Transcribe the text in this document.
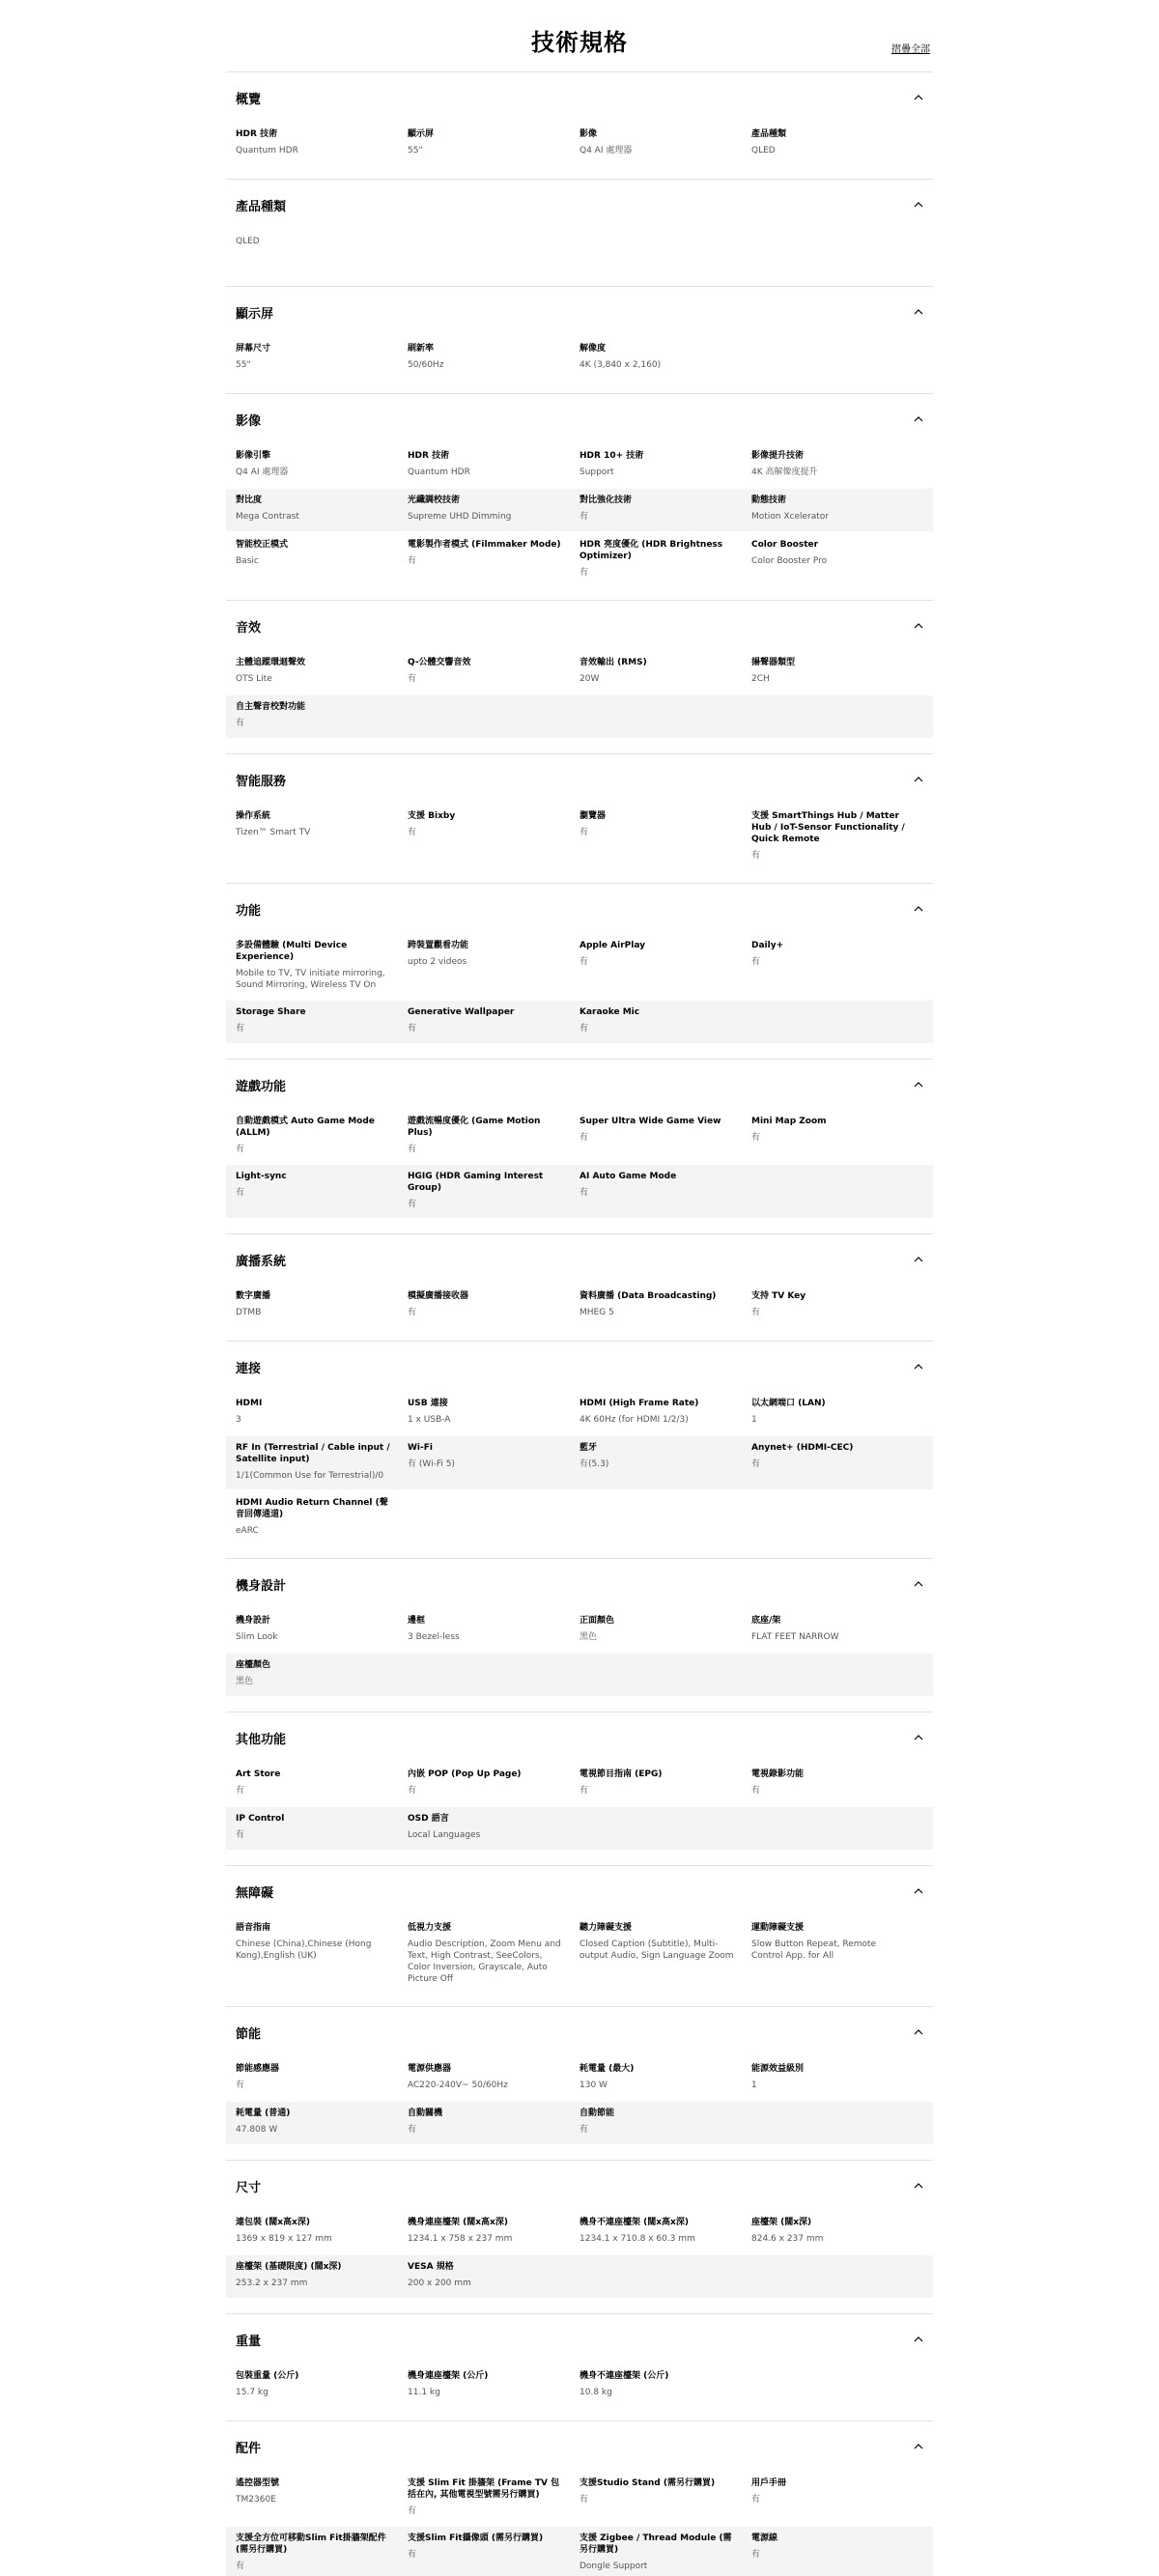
技術規格	摺疊全部
概覽
HDR 技術
Quantum HDR
顯示屏
55"
影像
Q4 AI 處理器
產品種類
QLED
產品種類
QLED
顯示屏
屏幕尺寸
55"
刷新率
50/60Hz
解像度
4K (3,840 x 2,160)
影像
影像引擎
Q4 AI 處理器
HDR 技術
Quantum HDR
HDR 10+ 技術
Support
影像提升技術
4K 高解像度提升
對比度
Mega Contrast
光纖調校技術
Supreme UHD Dimming
對比強化技術
有
動態技術
Motion Xcelerator
智能校正模式
Basic
電影製作者模式 (Filmmaker Mode)
有
HDR 亮度優化 (HDR Brightness Optimizer)
有
Color Booster
Color Booster Pro
音效
主體追蹤環迴聲效
OTS Lite
Q-公體交響音效
有
音效輸出 (RMS)
20W
揚聲器類型
2CH
自主聲音校對功能
有
智能服務
操作系統
Tizen™ Smart TV
支援 Bixby
有
瀏覽器
有
支援 SmartThings Hub / Matter Hub / IoT-Sensor Functionality / Quick Remote
有
功能
多設備體驗 (Multi Device Experience)
Mobile to TV, TV initiate mirroring, Sound Mirroring, Wireless TV On
跨裝置觀看功能
upto 2 videos
Apple AirPlay
有
Daily+
有
Storage Share
有
Generative Wallpaper
有
Karaoke Mic
有
遊戲功能
自動遊戲模式 Auto Game Mode (ALLM)
有
遊戲流暢度優化 (Game Motion Plus)
有
Super Ultra Wide Game View
有
Mini Map Zoom
有
Light-sync
有
HGIG (HDR Gaming Interest Group)
有
AI Auto Game Mode
有
廣播系統
數字廣播
DTMB
模擬廣播接收器
有
資料廣播 (Data Broadcasting)
MHEG 5
支持 TV Key
有
連接
HDMI
3
USB 連接
1 x USB-A
HDMI (High Frame Rate)
4K 60Hz (for HDMI 1/2/3)
以太網端口 (LAN)
1
RF In (Terrestrial / Cable input / Satellite input)
1/1(Common Use for Terrestrial)/0
Wi-Fi
有 (Wi-Fi 5)
藍牙
有(5.3)
Anynet+ (HDMI-CEC)
有
HDMI Audio Return Channel (聲音回傳通道)
eARC
機身設計
機身設計
Slim Look
邊框
3 Bezel-less
正面顏色
黑色
底座/架
FLAT FEET NARROW
座檯顏色
黑色
其他功能
Art Store
有
內嵌 POP (Pop Up Page)
有
電視節目指南 (EPG)
有
電視錄影功能
有
IP Control
有
OSD 語言
Local Languages
無障礙
語音指南
Chinese (China),Chinese (Hong Kong),English (UK)
低視力支援
Audio Description, Zoom Menu and Text, High Contrast, SeeColors, Color Inversion, Grayscale, Auto Picture Off
聽力障礙支援
Closed Caption (Subtitle), Multi-output Audio, Sign Language Zoom
運動障礙支援
Slow Button Repeat, Remote Control App. for All
節能
節能感應器
有
電源供應器
AC220-240V~ 50/60Hz
耗電量 (最大)
130 W
能源效益級別
1
耗電量 (普通)
47.808 W
自動關機
有
自動節能
有
尺寸
連包裝 (闊x高x深)
1369 x 819 x 127 mm
機身連座檯架 (闊x高x深)
1234.1 x 758 x 237 mm
機身不連座檯架 (闊x高x深)
1234.1 x 710.8 x 60.3 mm
座檯架 (闊x深)
824.6 x 237 mm
座檯架 (基礎限度) (闊x深)
253.2 x 237 mm
VESA 規格
200 x 200 mm
重量
包裝重量 (公斤)
15.7 kg
機身連座檯架 (公斤)
11.1 kg
機身不連座檯架 (公斤)
10.8 kg
配件
遙控器型號
TM2360E
支援 Slim Fit 掛牆架 (Frame TV 包括在內, 其他電視型號需另行購買)
有
支援Studio Stand (需另行購買)
有
用戶手冊
有
支援全方位可移動Slim Fit掛牆架配件 (需另行購買)
有
支援Slim Fit攝像頭 (需另行購買)
有
支援 Zigbee / Thread Module (需另行購買)
Dongle Support
電源線
有
